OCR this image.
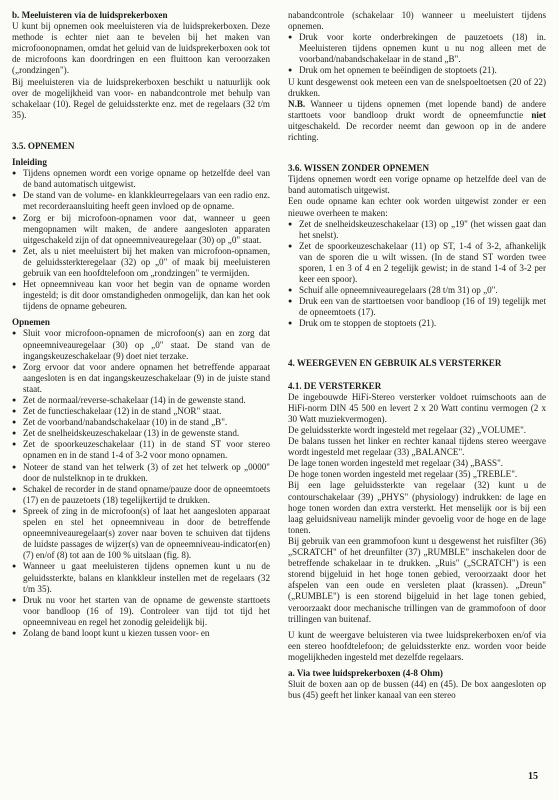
b. Meeluisteren via de luidsprekerboxen

U kunt bij opnemen ook meeluisteren via de luidsprekerboxen. Deze methode is echter niet aan te bevelen bij het maken van microfoonopnamen, omdat het geluid van de luidsprekerboxen ook tot de microfoons kan doordringen en een fluittoon kan veroorzaken („rondzingen").

Bij meeluisteren via de luidsprekerboxen beschikt u natuurlijk ook over de mogelijkheid van voor- en nabandcontrole met behulp van schakelaar (10). Regel de geluidssterkte enz. met de regelaars (32 t/m 35).

3.5. OPNEMEN

Inleiding

● Tijdens opnemen wordt een vorige opname op hetzelfde deel van de band automatisch uitgewist.

● De stand van de volume- en klankkleurregelaars van een radio enz. met recorderaansluiting heeft geen invloed op de opname.

● Zorg er bij microfoon-opnamen voor dat, wanneer u geen mengopnamen wilt maken, de andere aangesloten apparaten uitgeschakeld zijn of dat opneemniveauregelaar (30) op „0" staat.

● Zet, als u niet meeluistert bij het maken van microfoon-opnamen, de geluidssterkteregelaar (32) op „0" of maak bij meeluisteren gebruik van een hoofdtelefoon om „rondzingen" te vermijden.

● Het opneemniveau kan voor het begin van de opname worden ingesteld; is dit door omstandigheden onmogelijk, dan kan het ook tijdens de opname gebeuren.

Opnemen

● Sluit voor microfoon-opnamen de microfoon(s) aan en zorg dat opneemniveauregelaar (30) op „0" staat. De stand van de ingangskeuzeschakelaar (9) doet niet terzake.

● Zorg ervoor dat voor andere opnamen het betreffende apparaat aangesloten is en dat ingangskeuzeschakelaar (9) in de juiste stand staat.

● Zet de normaal/reverse-schakelaar (14) in de gewenste stand.

● Zet de functieschakelaar (12) in de stand „NOR" staat.

● Zet de voorband/nabandschakelaar (10) in de stand „B".

● Zet de snelheidskeuzeschakelaar (13) in de gewenste stand.

● Zet de spoorkeuzeschakelaar (11) in de stand ST voor stereo opnamen en in de stand 1-4 of 3-2 voor mono opnamen.

● Noteer de stand van het telwerk (3) of zet het telwerk op „0000" door de nulstelknop in te drukken.

● Schakel de recorder in de stand opname/pauze door de opneemtoets (17) en de pauzetoets (18) tegelijkertijd te drukken.

● Spreek of zing in de microfoon(s) of laat het aangesloten apparaat spelen en stel het opneemniveau in door de betreffende opneemniveauregelaar(s) zover naar boven te schuiven dat tijdens de luidste passages de wijzer(s) van de opneemniveau-indicator(en) (7) en/of (8) tot aan de 100 % uitslaan (fig. 8).

● Wanneer u gaat meeluisteren tijdens opnemen kunt u nu de geluidssterkte, balans en klankkleur instellen met de regelaars (32 t/m 35).

● Druk nu voor het starten van de opname de gewenste starttoets voor bandloop (16 of 19). Controleer van tijd tot tijd het opneemniveau en regel het zonodig geleidelijk bij.

● Zolang de band loopt kunt u kiezen tussen voor- en

nabandcontrole (schakelaar 10) wanneer u meeluistert tijdens opnemen.

● Druk voor korte onderbrekingen de pauzetoets (18) in. Meeluisteren tijdens opnemen kunt u nu nog alleen met de voorband/nabandschakelaar in de stand „B".

● Druk om het opnemen te beëindigen de stoptoets (21).

U kunt desgewenst ook meteen een van de snelspoeltoetsen (20 of 22) drukken.

N.B. Wanneer u tijdens opnemen (met lopende band) de andere starttoets voor bandloop drukt wordt de opneemfunctie niet uitgeschakeld. De recorder neemt dan gewoon op in de andere richting.

3.6. WISSEN ZONDER OPNEMEN

Tijdens opnemen wordt een vorige opname op hetzelfde deel van de band automatisch uitgewist.

Een oude opname kan echter ook worden uitgewist zonder er een nieuwe overheen te maken:

● Zet de snelheidskeuzeschakelaar (13) op „19" (het wissen gaat dan het snelst).

● Zet de spoorkeuzeschakelaar (11) op ST, 1-4 of 3-2, afhankelijk van de sporen die u wilt wissen. (In de stand ST worden twee sporen, 1 en 3 of 4 en 2 tegelijk gewist; in de stand 1-4 of 3-2 per keer een spoor).

● Schuif alle opneemniveauregelaars (28 t/m 31) op „0".

● Druk een van de starttoetsen voor bandloop (16 of 19) tegelijk met de opneemtoets (17).

● Druk om te stoppen de stoptoets (21).

4. WEERGEVEN EN GEBRUIK ALS VERSTERKER

4.1. DE VERSTERKER

De ingebouwde HiFi-Stereo versterker voldoet ruimschoots aan de HiFi-norm DIN 45 500 en levert 2 x 20 Watt continu vermogen (2 x 30 Watt muziekvermogen).

De geluidssterkte wordt ingesteld met regelaar (32) „VOLUME".

De balans tussen het linker en rechter kanaal tijdens stereo weergave wordt ingesteld met regelaar (33) „BALANCE".

De lage tonen worden ingesteld met regelaar (34) „BASS".

De hoge tonen worden ingesteld met regelaar (35) „TREBLE".

Bij een lage geluidssterkte van regelaar (32) kunt u de contourschakelaar (39) „PHYS" (physiology) indrukken: de lage en hoge tonen worden dan extra versterkt. Het menselijk oor is bij een laag geluidsniveau namelijk minder gevoelig voor de hoge en de lage tonen.

Bij gebruik van een grammofoon kunt u desgewenst het ruisfilter (36) „SCRATCH" of het dreunfilter (37) „RUMBLE" inschakelen door de betreffende schakelaar in te drukken. „Ruis" („SCRATCH") is een storend bijgeluid in het hoge tonen gebied, veroorzaakt door het afspelen van een oude en versleten plaat (krassen). „Dreun" („RUMBLE") is een storend bijgeluid in het lage tonen gebied, veroorzaakt door mechanische trillingen van de grammofoon of door trillingen van buitenaf.

U kunt de weergave beluisteren via twee luidsprekerboxen en/of via een stereo hoofdtelefoon; de geluidssterkte enz. worden voor beide mogelijkheden ingesteld met dezelfde regelaars.

a. Via twee luidsprekerboxen (4-8 Ohm)

Sluit de boxen aan op de bussen (44) en (45). De box aangesloten op bus (45) geeft het linker kanaal van een stereo

15
